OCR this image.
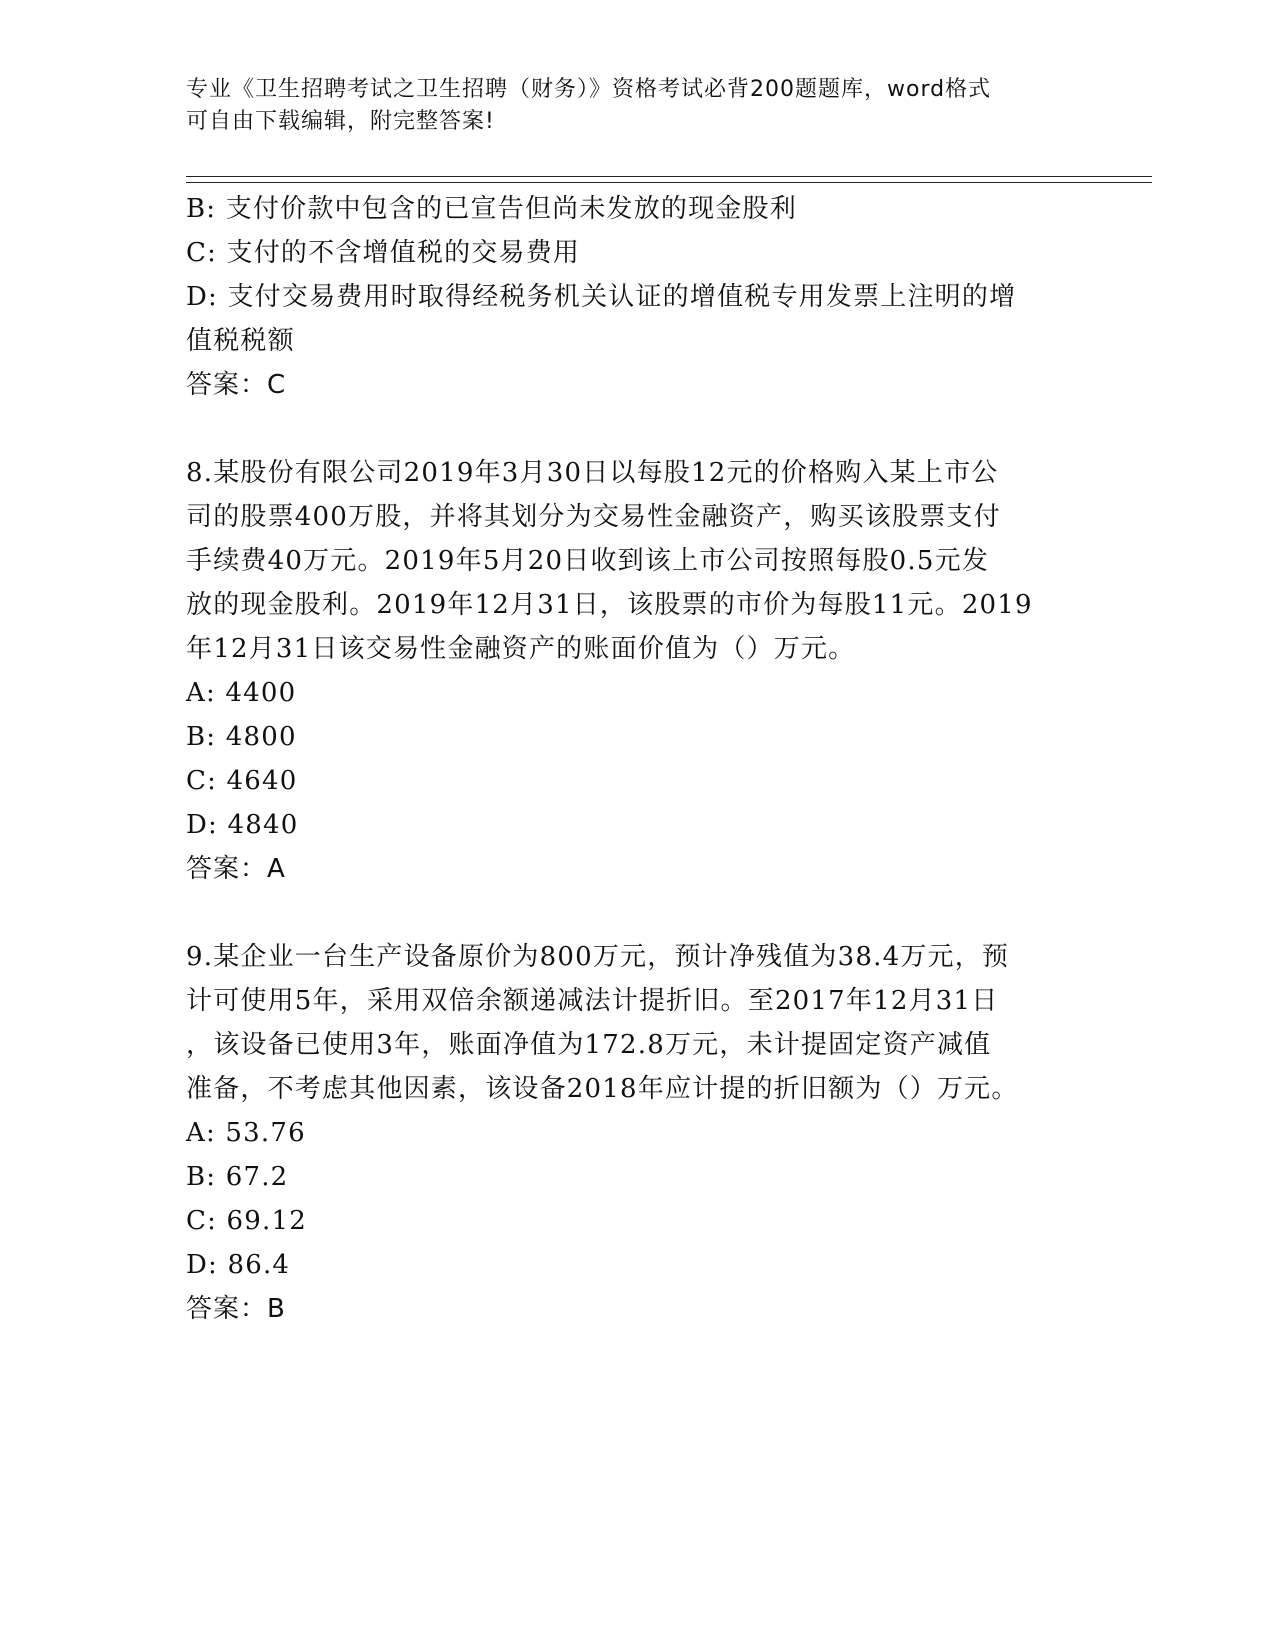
专业《卫生招聘考试之卫生招聘（财务）》资格考试必背200题题库，word格式
可自由下载编辑，附完整答案!
B: 支付价款中包含的已宣告但尚未发放的现金股利
C: 支付的不含增值税的交易费用
D: 支付交易费用时取得经税务机关认证的增值税专用发票上注明的增
值税税额
答案：C
8.某股份有限公司2019年3月30日以每股12元的价格购入某上市公
司的股票400万股，并将其划分为交易性金融资产，购买该股票支付
手续费40万元。2019年5月20日收到该上市公司按照每股0.5元发
放的现金股利。2019年12月31日，该股票的市价为每股11元。2019
年12月31日该交易性金融资产的账面价值为（）万元。
A: 4400
B: 4800
C: 4640
D: 4840
答案：A
9.某企业一台生产设备原价为800万元，预计净残值为38.4万元，预
计可使用5年，采用双倍余额递减法计提折旧。至2017年12月31日
，该设备已使用3年，账面净值为172.8万元，未计提固定资产减值
准备，不考虑其他因素，该设备2018年应计提的折旧额为（）万元。
A: 53.76
B: 67.2
C: 69.12
D: 86.4
答案：B
